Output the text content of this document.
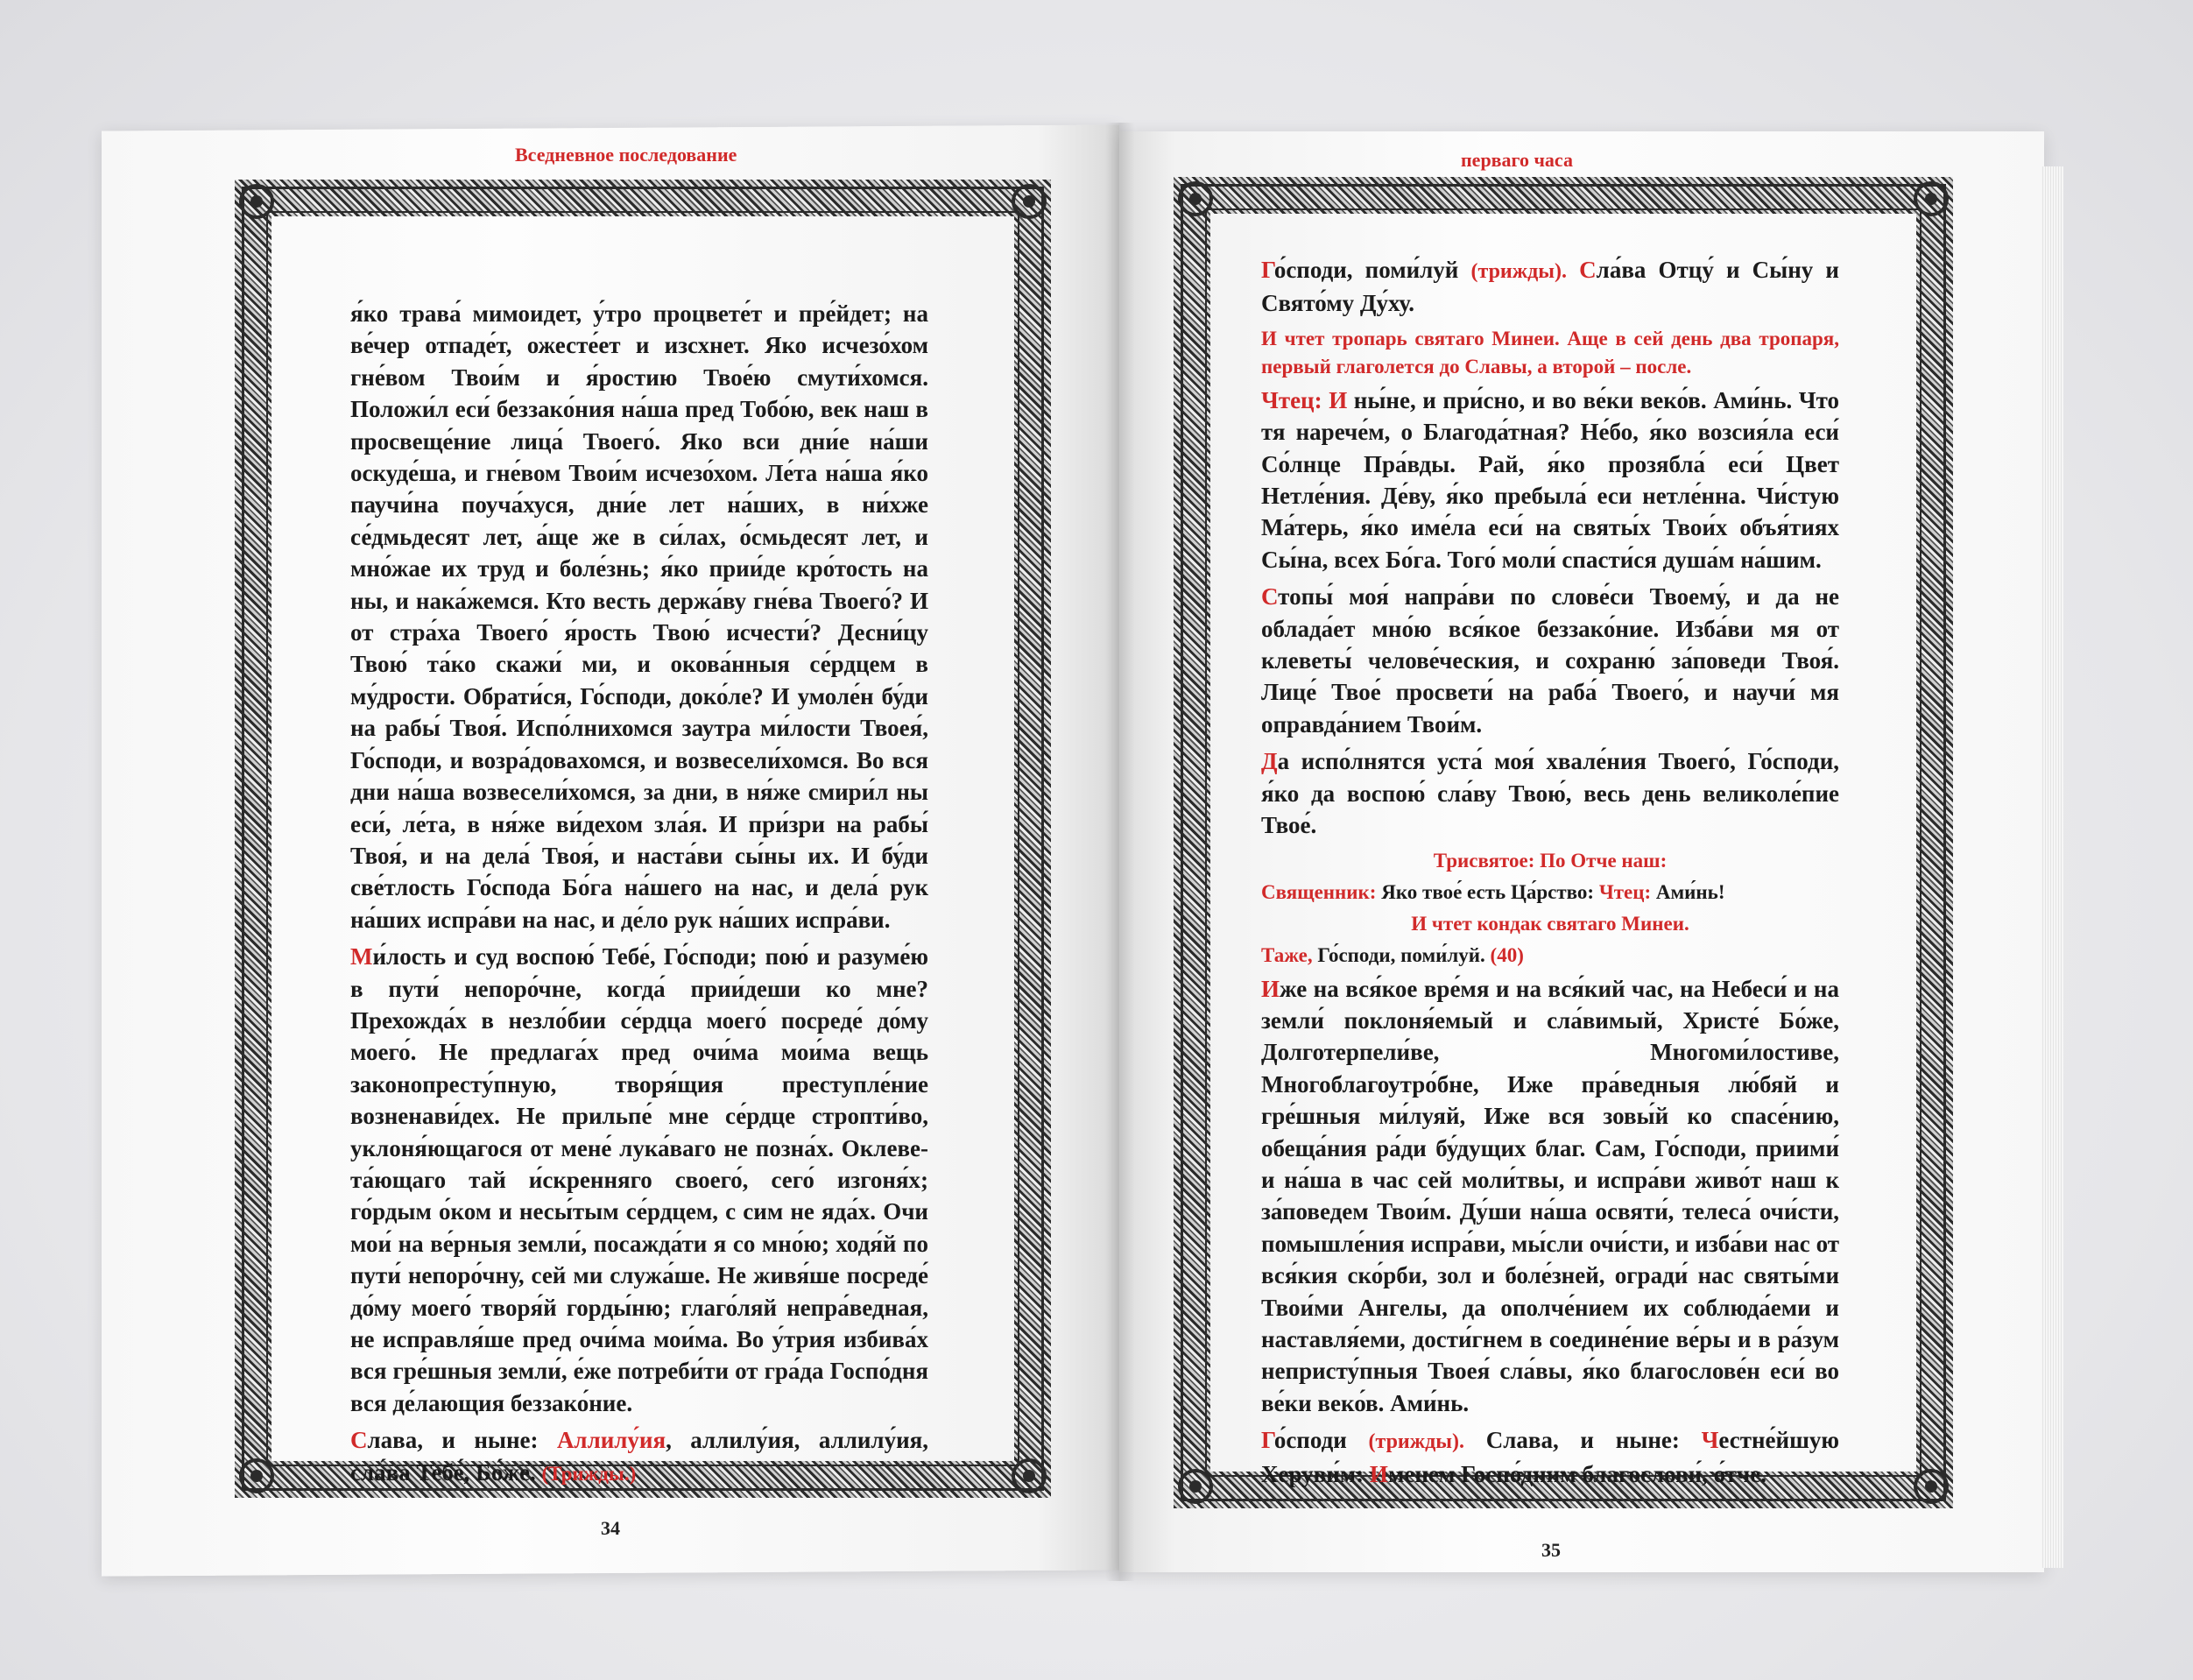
Вседневное последование	перваго часа

я́ко трава́ мимоидет, у́тро процвете́т и пре́йдет; на ве́чер отпаде́т, ожесте́ет и изсхнет. Яко исчезо́хом гне́вом Твои́м и я́ростию Твое́ю смути́хомся. Положи́л еси́ беззако́ния на́ша пред Тобо́ю, век наш в просвеще́ние лица́ Твоего́. Яко вси дни́е на́ши оскуде́ша, и гне́вом Твои́м исчезо́хом. Ле́та на́ша я́ко паучи́на поуча́хуся, дни́е лет на́ших, в ни́хже се́дмьдесят лет, а́ще же в си́лах, о́смьдесят лет, и мно́жае их труд и боле́знь; я́ко прии́де кро́тость на ны, и нака́жемся. Кто весть держа́ву гне́ва Твоего́? И от стра́ха Твоего́ я́рость Твою́ исчести́? Десни́цу Твою́ та́ко скажи́ ми, и окова́нныя се́рдцем в му́дрости. Обрати́ся, Го́споди, доко́ле? И умоле́н бу́ди на рабы́ Твоя́. Испо́лнихомся заутра ми́лости Твоея́, Го́споди, и возра́довахомся, и возвесели́хомся. Во вся дни на́ша возвесели́хомся, за дни, в ня́же смири́л ны еси́, ле́та, в ня́же ви́дехом зла́я. И при́зри на рабы́ Твоя́, и на дела́ Твоя́, и наста́ви сы́ны их. И бу́ди све́тлость Го́спода Бо́га на́шего на нас, и дела́ рук на́ших испра́ви на нас, и де́ло рук на́ших испра́ви.

Ми́лость и суд воспою́ Тебе́, Го́споди; пою́ и разуме́ю в пути́ непоро́чне, когда́ прии́деши ко мне? Прехожда́х в незло́бии се́рдца моего́ посреде́ до́му моего́. Не предлага́х пред очи́ма мои́ма вещь законопресту́пную, творя́щия преступле́ние возненави́дех. Не прильпе́ мне се́рдце стропти́во, уклоня́ющагося от мене́ лука́ваго не позна́х. Оклеве-та́ющаго тай и́скренняго своего́, сего́ изгоня́х; го́рдым о́ком и несы́тым се́рдцем, с сим не яда́х. Очи мои́ на ве́рныя земли́, посажда́ти я со мно́ю; ходя́й по пути́ непоро́чну, сей ми служа́ше. Не живя́ше посреде́ до́му моего́ творя́й горды́ню; глаго́ляй непра́ведная, не исправля́ше пред очи́ма мои́ма. Во у́трия избива́х вся гре́шныя земли́, е́же потреби́ти от гра́да Госпо́дня вся де́лающия беззако́ние.

Слава, и ныне: Аллилу́ия, аллилу́ия, аллилу́ия, сла́ва Тебе́, Бо́же. (Трижды.)

Го́споди, поми́луй (трижды). Сла́ва Отцу́ и Сы́ну и Свято́му Ду́ху.

И чтет тропарь святаго Минеи. Аще в сей день два тропаря, первый глаголется до Славы, а второй – после.

Чтец: И ны́не, и при́сно, и во ве́ки веко́в. Ами́нь. Что тя нарече́м, о Благода́тная? Не́бо, я́ко возсия́ла еси́ Со́лнце Пра́вды. Рай, я́ко прозябла́ еси́ Цвет Нетле́ния. Де́ву, я́ко пребыла́ еси нетле́нна. Чи́стую Ма́терь, я́ко име́ла еси́ на святы́х Твои́х объя́тиях Сы́на, всех Бо́га. Того́ моли́ спасти́ся душа́м на́шим.

Стопы́ моя́ напра́ви по слове́си Твоему́, и да не облада́ет мно́ю вся́кое беззако́ние. Изба́ви мя от клеветы́ челове́ческия, и сохраню́ за́поведи Твоя́. Лице́ Твое́ просвети́ на раба́ Твоего́, и научи́ мя оправда́нием Твои́м.

Да испо́лнятся уста́ моя́ хвале́ния Твоего́, Го́споди, я́ко да воспою́ сла́ву Твою́, весь день великоле́пие Твое́.

Трисвятое: По Отче наш:

Священник: Яко твое́ есть Ца́рство: Чтец: Ами́нь!

И чтет кондак святаго Минеи.

Таже, Го́споди, поми́луй. (40)

Иже на вся́кое вре́мя и на вся́кий час, на Небеси́ и на земли́ поклоня́емый и сла́вимый, Христе́ Бо́же, Долготерпели́ве, Многоми́лостиве, Многоблагоутро́бне, Иже пра́ведныя лю́бяй и гре́шныя ми́луяй, Иже вся зовы́й ко спасе́нию, обеща́ния ра́ди бу́дущих благ. Сам, Го́споди, приими́ и на́ша в час сей моли́твы, и испра́ви живо́т наш к за́поведем Твои́м. Ду́ши на́ша освяти́, телеса́ очи́сти, помышле́ния испра́ви, мы́сли очи́сти, и изба́ви нас от вся́кия ско́рби, зол и боле́зней, огради́ нас святы́ми Твои́ми Ангелы, да ополче́нием их соблюда́еми и наставля́еми, дости́гнем в соедине́ние ве́ры и в ра́зум непристу́пныя Твоея́ сла́вы, я́ко благослове́н еси́ во ве́ки веко́в. Ами́нь.

Го́споди (трижды). Слава, и ныне: Честне́йшую Херуви́м: Именем Госпо́дним благослови́, о́тче.

34
35
